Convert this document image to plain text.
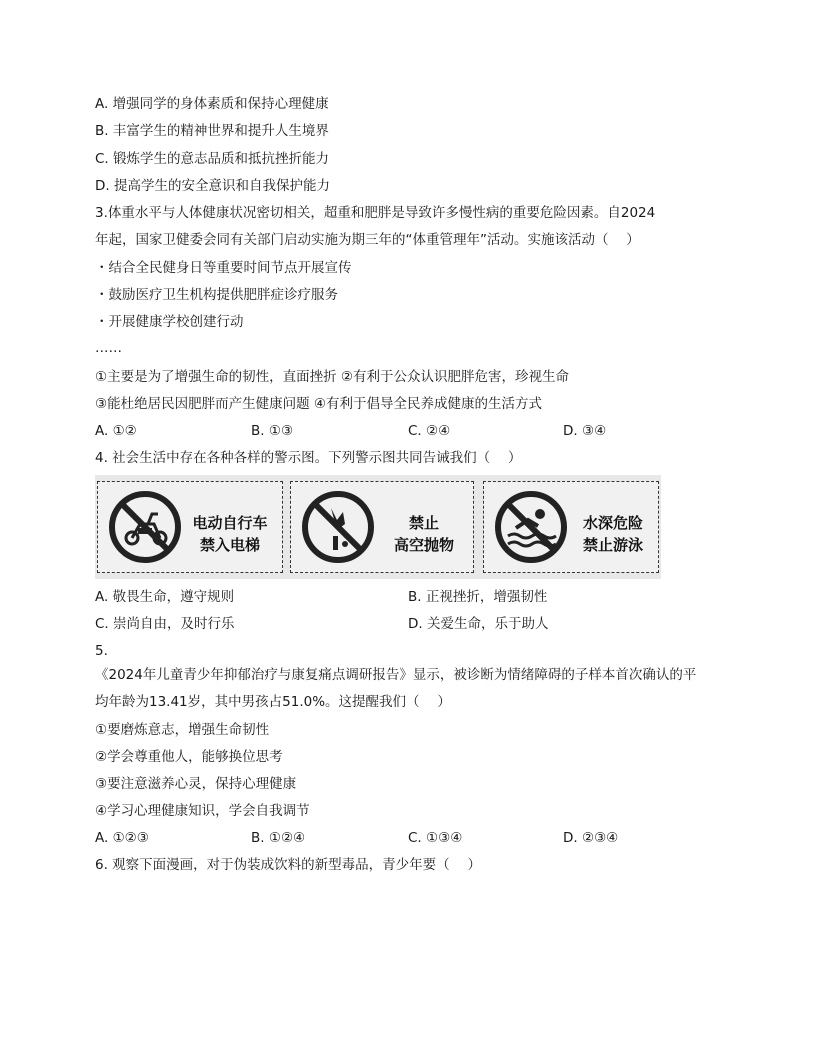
A. 增强同学的身体素质和保持心理健康
B. 丰富学生的精神世界和提升人生境界
C. 锻炼学生的意志品质和抵抗挫折能力
D. 提高学生的安全意识和自我保护能力
3.体重水平与人体健康状况密切相关，超重和肥胖是导致许多慢性病的重要危险因素。自2024
年起，国家卫健委会同有关部门启动实施为期三年的“体重管理年”活动。实施该活动（　 ）
・结合全民健身日等重要时间节点开展宣传
・鼓励医疗卫生机构提供肥胖症诊疗服务
・开展健康学校创建行动
……
①主要是为了增强生命的韧性，直面挫折 ②有利于公众认识肥胖危害，珍视生命
③能杜绝居民因肥胖而产生健康问题 ④有利于倡导全民养成健康的生活方式
A. ①②	B. ①③	C. ②④	D. ③④
4. 社会生活中存在各种各样的警示图。下列警示图共同告诫我们（　 ）
电动自行车
禁入电梯
禁止
高空抛物
水深危险
禁止游泳
A. 敬畏生命，遵守规则	B. 正视挫折，增强韧性
C. 崇尚自由，及时行乐	D. 关爱生命，乐于助人
5.
《2024年儿童青少年抑郁治疗与康复痛点调研报告》显示，被诊断为情绪障碍的子样本首次确认的平
均年龄为13.41岁，其中男孩占51.0%。这提醒我们（　 ）
①要磨炼意志，增强生命韧性
②学会尊重他人，能够换位思考
③要注意滋养心灵，保持心理健康
④学习心理健康知识，学会自我调节
A. ①②③	B. ①②④	C. ①③④	D. ②③④
6. 观察下面漫画，对于伪装成饮料的新型毒品，青少年要（　 ）
